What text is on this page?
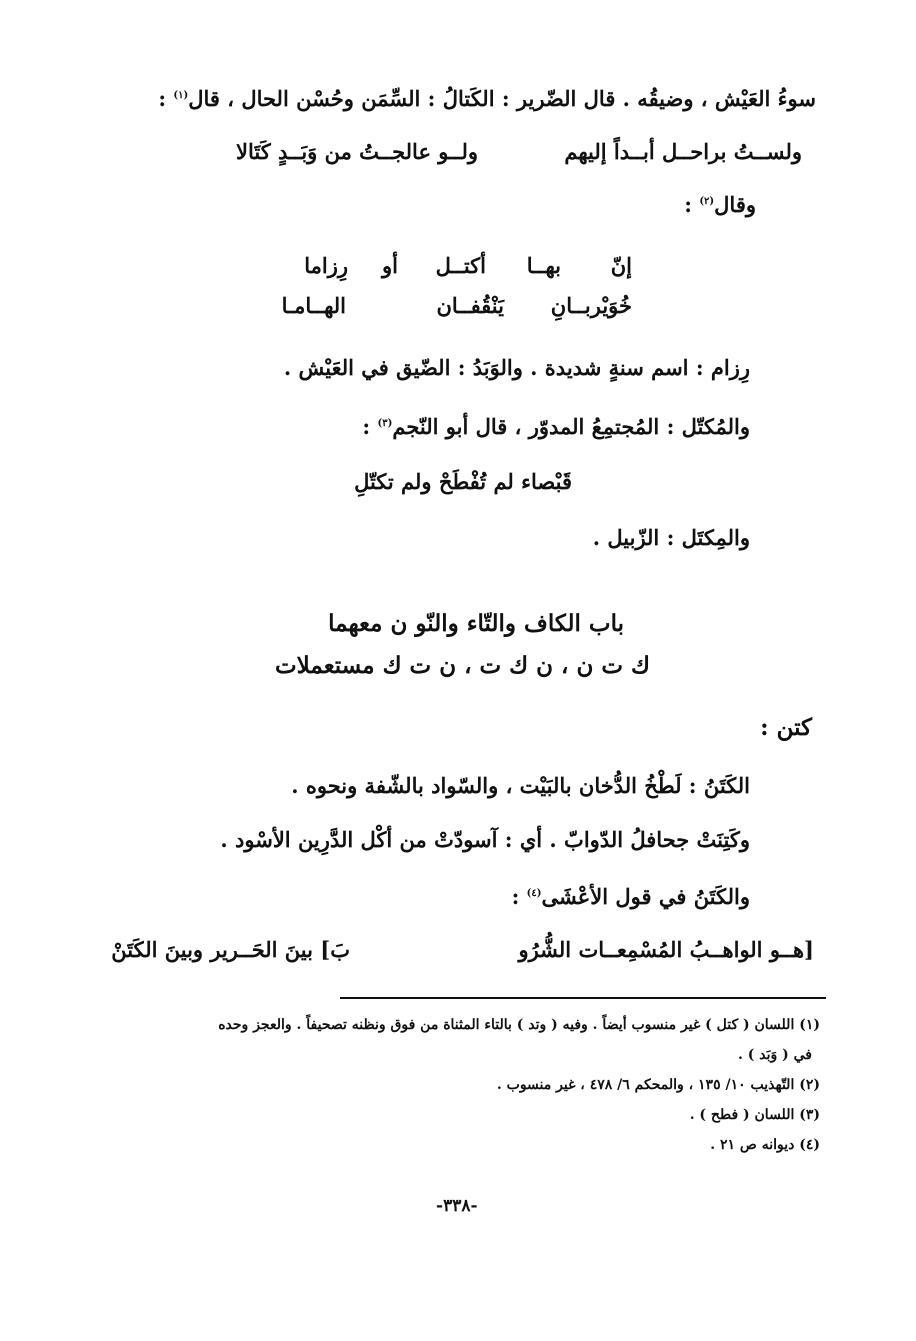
سوءُ العَيْش ، وضيقُه . قال الضّرير : الكَتالُ : السِّمَن وحُسْن الحال ، قال$^{(١)}$ :
ولســتُ براحــل أبــداً إليهم
ولــو عالجــتُ من وَبَــدٍ كَتَالا
وقال$^{(٢)}$ :
إنّ
بهــا
أكتــل
أو
رِزاما
خُوَيْربــانِ
يَنْقُفــان
الهــامـا
رِزام : اسم سنةٍ شديدة . والوَبَدُ : الضّيق في العَيْش .
والمُكتّل : المُجتمِعُ المدوّر ، قال أبو النّجم$^{(٣)}$ :
قَبْصاء لم تُفْطَحْ ولم تكتّلِ
والمِكتَل : الزّبيل .
باب الكاف والتّاء والنّو ن معهما
ك ت ن ، ن ك ت ، ن ت ك مستعملات
كتن :
الكَتَنُ : لَطْخُ الدُّخان بالبَيْت ، والسّواد بالشّفة ونحوه .
وكَتِنَتْ جحافلُ الدّوابّ . أي : آسودّتْ من أكْل الدَّرِين الأسْود .
والكَتَنُ في قول الأعْشَى$^{(٤)}$ :
[هــو الواهــبُ المُسْمِعــات الشُّرُو
بَ] بينَ الحَــرير وبينَ الكَتَنْ
(١) اللسان ( كتل ) غير منسوب أيضاً . وفيه ( وتد ) بالتاء المثناة من فوق ونظنه تصحيفاً . والعجز وحده
في ( وَبَد ) .
(٢) التّهذيب ١٠/ ١٣٥ ، والمحكم ٦/ ٤٧٨ ، غير منسوب .
(٣) اللسان ( فطح ) .
(٤) ديوانه ص ٢١ .
-٣٣٨-
